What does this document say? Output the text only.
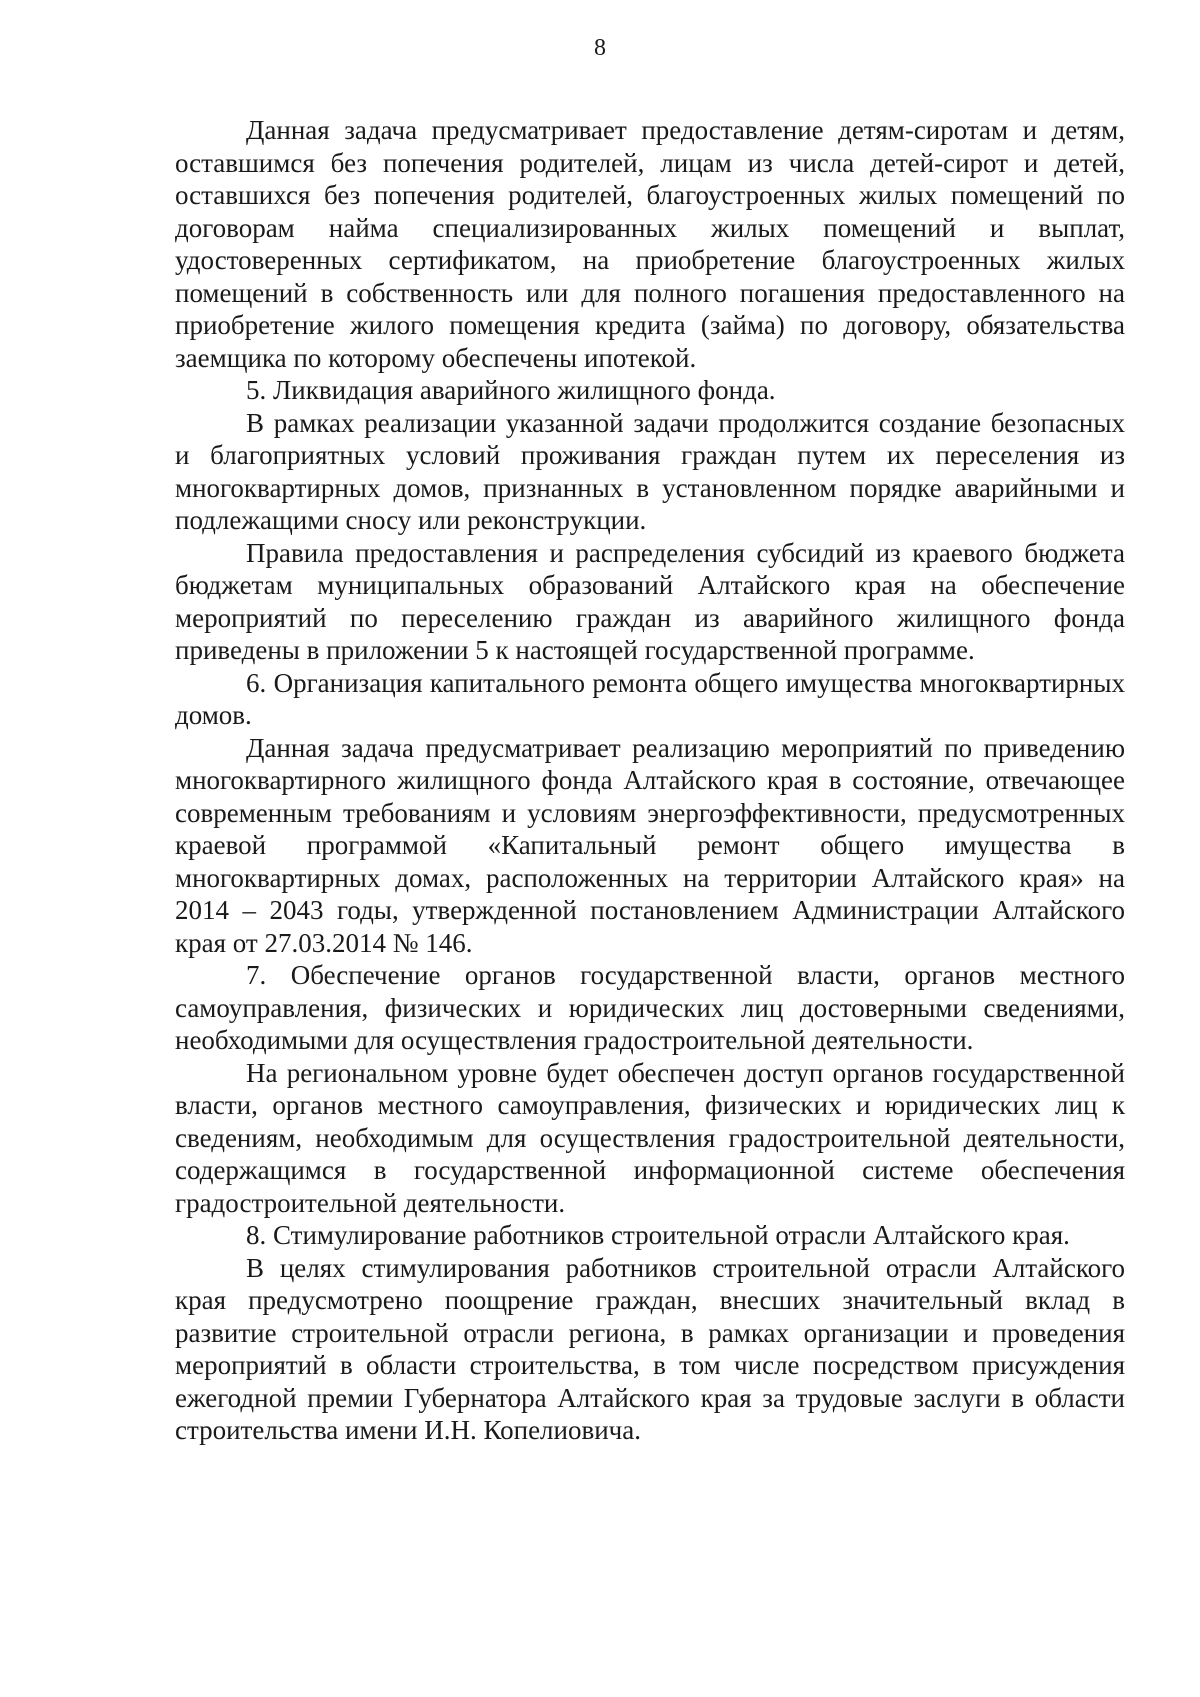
8

Данная задача предусматривает предоставление детям-сиротам и детям, оставшимся без попечения родителей, лицам из числа детей-сирот и детей, оставшихся без попечения родителей, благоустроенных жилых помещений по договорам найма специализированных жилых помещений и выплат, удостоверенных сертификатом, на приобретение благоустроенных жилых помещений в собственность или для полного погашения предоставленного на приобретение жилого помещения кредита (займа) по договору, обязательства заемщика по которому обеспечены ипотекой.

5. Ликвидация аварийного жилищного фонда.

В рамках реализации указанной задачи продолжится создание безопасных и благоприятных условий проживания граждан путем их переселения из многоквартирных домов, признанных в установленном порядке аварийными и подлежащими сносу или реконструкции.

Правила предоставления и распределения субсидий из краевого бюджета бюджетам муниципальных образований Алтайского края на обеспечение мероприятий по переселению граждан из аварийного жилищного фонда приведены в приложении 5 к настоящей государственной программе.

6. Организация капитального ремонта общего имущества многоквартирных домов.

Данная задача предусматривает реализацию мероприятий по приведению многоквартирного жилищного фонда Алтайского края в состояние, отвечающее современным требованиям и условиям энергоэффективности, предусмотренных краевой программой «Капитальный ремонт общего имущества в многоквартирных домах, расположенных на территории Алтайского края» на 2014 – 2043 годы, утвержденной постановлением Администрации Алтайского края от 27.03.2014 № 146.

7. Обеспечение органов государственной власти, органов местного самоуправления, физических и юридических лиц достоверными сведениями, необходимыми для осуществления градостроительной деятельности.

На региональном уровне будет обеспечен доступ органов государственной власти, органов местного самоуправления, физических и юридических лиц к сведениям, необходимым для осуществления градостроительной деятельности, содержащимся в государственной информационной системе обеспечения градостроительной деятельности.

8. Стимулирование работников строительной отрасли Алтайского края.

В целях стимулирования работников строительной отрасли Алтайского края предусмотрено поощрение граждан, внесших значительный вклад в развитие строительной отрасли региона, в рамках организации и проведения мероприятий в области строительства, в том числе посредством присуждения ежегодной премии Губернатора Алтайского края за трудовые заслуги в области строительства имени И.Н. Копелиовича.
